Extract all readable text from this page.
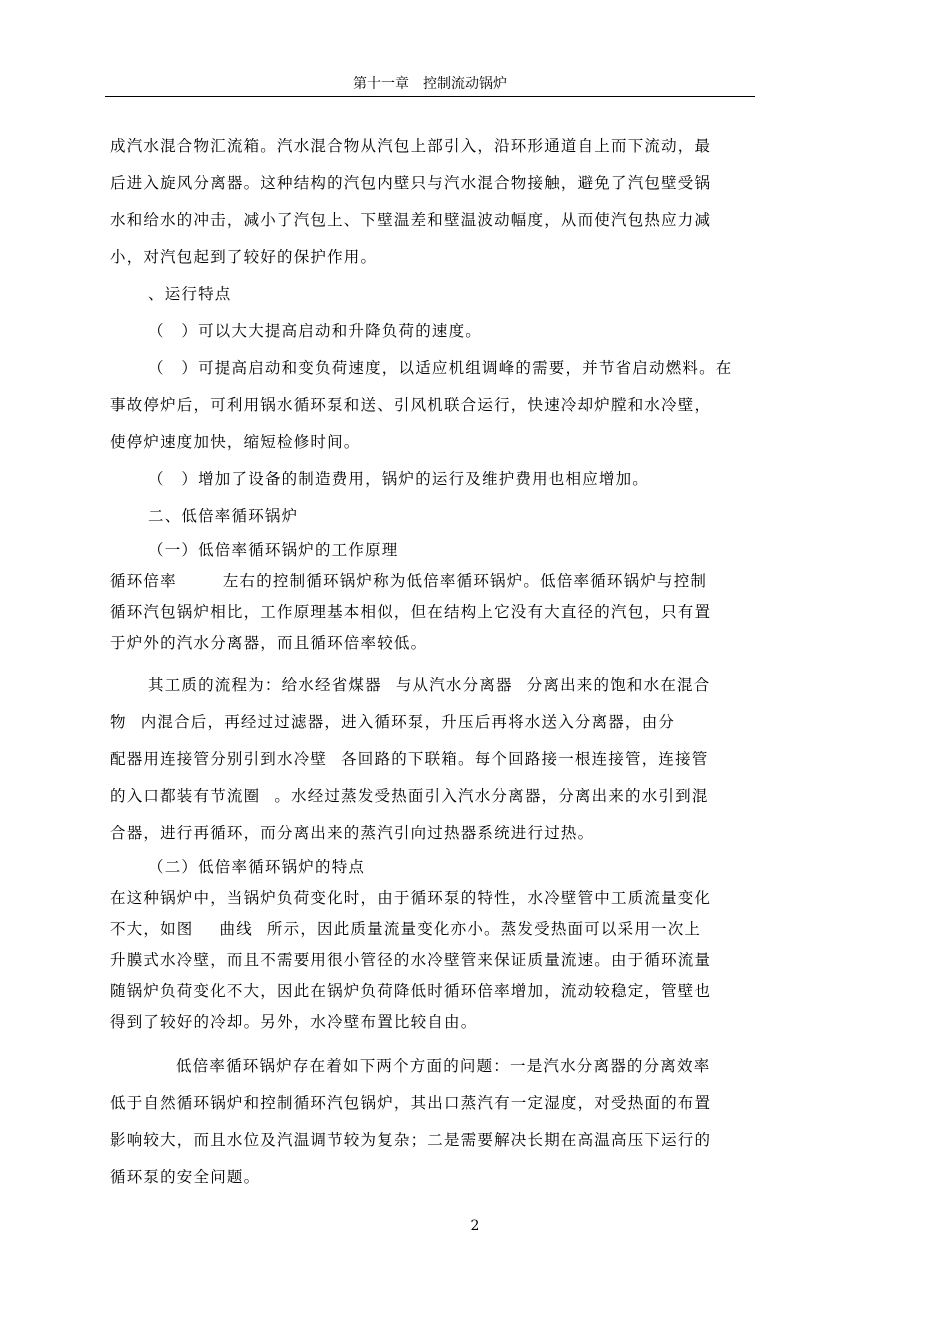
第十一章　控制流动锅炉
成汽水混合物汇流箱。汽水混合物从汽包上部引入，沿环形通道自上而下流动，最
后进入旋风分离器。这种结构的汽包内壁只与汽水混合物接触，避免了汽包壁受锅
水和给水的冲击，减小了汽包上、下壁温差和壁温波动幅度，从而使汽包热应力减
小，对汽包起到了较好的保护作用。
、运行特点
（　）可以大大提高启动和升降负荷的速度。
（　）可提高启动和变负荷速度，以适应机组调峰的需要，并节省启动燃料。在
事故停炉后，可利用锅水循环泵和送、引风机联合运行，快速冷却炉膛和水冷壁，
使停炉速度加快，缩短检修时间。
（　）增加了设备的制造费用，锅炉的运行及维护费用也相应增加。
二、低倍率循环锅炉
（一）低倍率循环锅炉的工作原理
循环倍率	左右的控制循环锅炉称为低倍率循环锅炉。低倍率循环锅炉与控制
循环汽包锅炉相比，工作原理基本相似，但在结构上它没有大直径的汽包，只有置
于炉外的汽水分离器，而且循环倍率较低。
其工质的流程为：给水经省煤器 与从汽水分离器 分离出来的饱和水在混合
物 内混合后，再经过过滤器，进入循环泵，升压后再将水送入分离器，由分
配器用连接管分别引到水冷壁 各回路的下联箱。每个回路接一根连接管，连接管
的入口都装有节流圈 。水经过蒸发受热面引入汽水分离器，分离出来的水引到混
合器，进行再循环，而分离出来的蒸汽引向过热器系统进行过热。
（二）低倍率循环锅炉的特点
在这种锅炉中，当锅炉负荷变化时，由于循环泵的特性，水冷壁管中工质流量变化
不大，如图 曲线 所示，因此质量流量变化亦小。蒸发受热面可以采用一次上
升膜式水冷壁，而且不需要用很小管径的水冷壁管来保证质量流速。由于循环流量
随锅炉负荷变化不大，因此在锅炉负荷降低时循环倍率增加，流动较稳定，管壁也
得到了较好的冷却。另外，水冷壁布置比较自由。
低倍率循环锅炉存在着如下两个方面的问题：一是汽水分离器的分离效率
低于自然循环锅炉和控制循环汽包锅炉，其出口蒸汽有一定湿度，对受热面的布置
影响较大，而且水位及汽温调节较为复杂；二是需要解决长期在高温高压下运行的
循环泵的安全问题。
2
